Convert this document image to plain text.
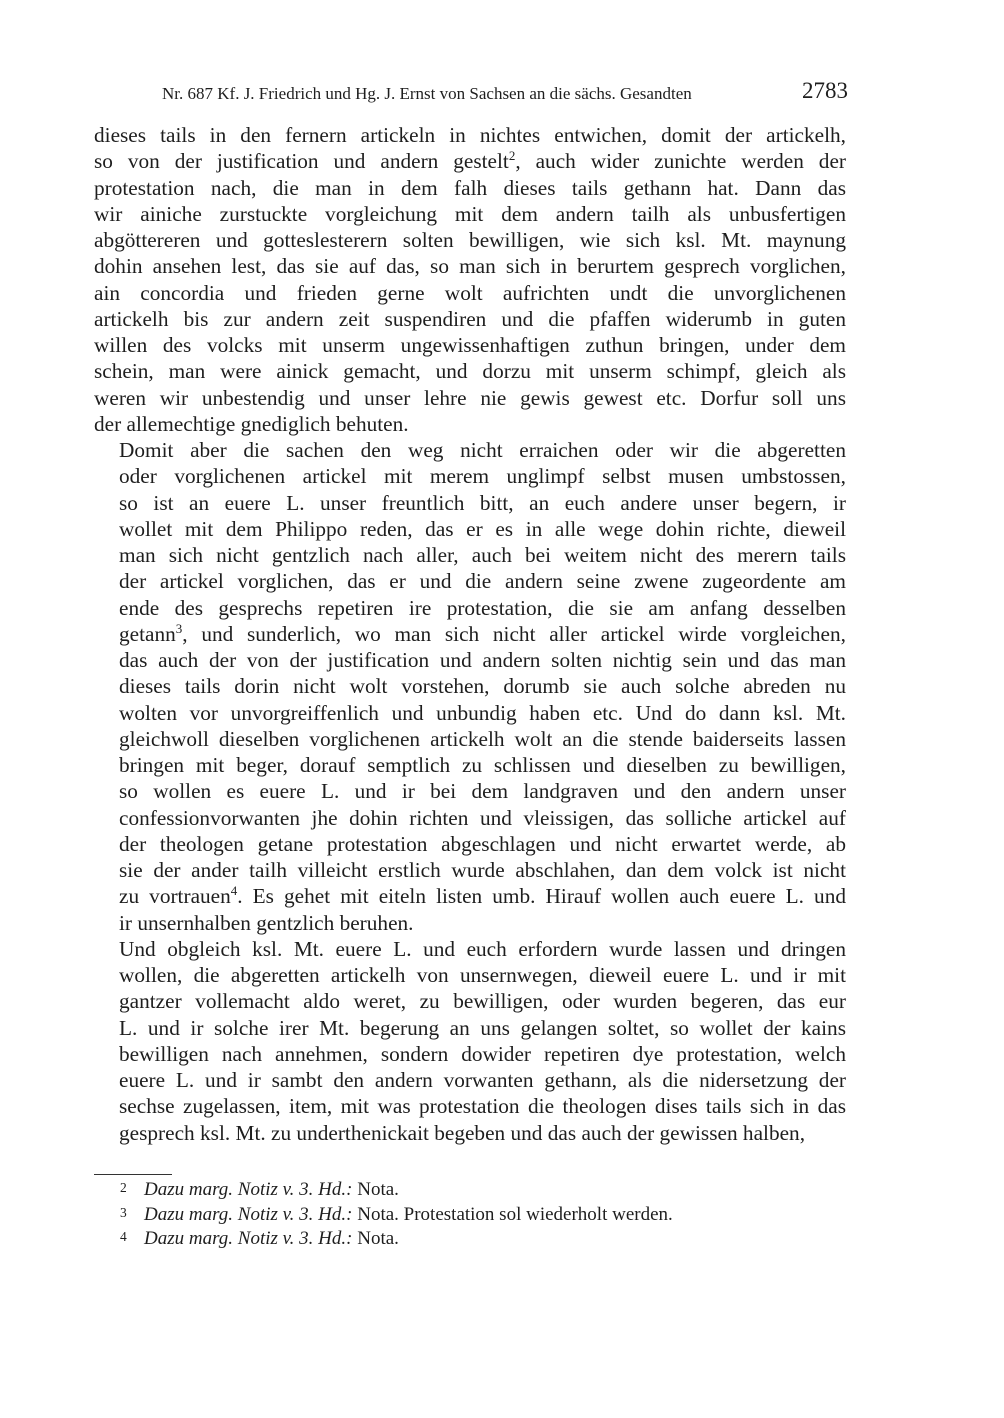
Nr. 687 Kf. J. Friedrich und Hg. J. Ernst von Sachsen an die sächs. Gesandten	2783

dieses tails in den fernern artickeln in nichtes entwichen, domit der artickelh,
so von der justification und andern gestelt$^2$, auch wider zunichte werden der
protestation nach, die man in dem falh dieses tails gethann hat. Dann das
wir ainiche zurstuckte vorgleichung mit dem andern tailh als unbusfertigen
abgöttereren und gotteslesterern solten bewilligen, wie sich ksl. Mt. maynung
dohin ansehen lest, das sie auf das, so man sich in berurtem gesprech vorglichen,
ain concordia und frieden gerne wolt aufrichten undt die unvorglichenen
artickelh bis zur andern zeit suspendiren und die pfaffen widerumb in guten
willen des volcks mit unserm ungewissenhaftigen zuthun bringen, under dem
schein, man were ainick gemacht, und dorzu mit unserm schimpf, gleich als
weren wir unbestendig und unser lehre nie gewis gewest etc. Dorfur soll uns
der allemechtige gnediglich behuten.

Domit aber die sachen den weg nicht erraichen oder wir die abgeretten
oder vorglichenen artickel mit merem unglimpf selbst musen umbstossen,
so ist an euere L. unser freuntlich bitt, an euch andere unser begern, ir
wollet mit dem Philippo reden, das er es in alle wege dohin richte, dieweil
man sich nicht gentzlich nach aller, auch bei weitem nicht des merern tails
der artickel vorglichen, das er und die andern seine zwene zugeordente am
ende des gesprechs repetiren ire protestation, die sie am anfang desselben
getann$^3$, und sunderlich, wo man sich nicht aller artickel wirde vorgleichen,
das auch der von der justification und andern solten nichtig sein und das man
dieses tails dorin nicht wolt vorstehen, dorumb sie auch solche abreden nu
wolten vor unvorgreiffenlich und unbundig haben etc. Und do dann ksl. Mt.
gleichwoll dieselben vorglichenen artickelh wolt an die stende baiderseits lassen
bringen mit beger, dorauf semptlich zu schlissen und dieselben zu bewilligen,
so wollen es euere L. und ir bei dem landgraven und den andern unser
confessionvorwanten jhe dohin richten und vleissigen, das solliche artickel auf
der theologen getane protestation abgeschlagen und nicht erwartet werde, ab
sie der ander tailh villeicht erstlich wurde abschlahen, dan dem volck ist nicht
zu vortrauen$^4$. Es gehet mit eiteln listen umb. Hirauf wollen auch euere L. und
ir unsernhalben gentzlich beruhen.

Und obgleich ksl. Mt. euere L. und euch erfordern wurde lassen und dringen
wollen, die abgeretten artickelh von unsernwegen, dieweil euere L. und ir mit
gantzer vollemacht aldo weret, zu bewilligen, oder wurden begeren, das eur
L. und ir solche irer Mt. begerung an uns gelangen soltet, so wollet der kains
bewilligen nach annehmen, sondern dowider repetiren dye protestation, welch
euere L. und ir sambt den andern vorwanten gethann, als die nidersetzung der
sechse zugelassen, item, mit was protestation die theologen dises tails sich in das
gesprech ksl. Mt. zu underthenickait begeben und das auch der gewissen halben,

2 Dazu marg. Notiz v. 3. Hd.: Nota.
3 Dazu marg. Notiz v. 3. Hd.: Nota. Protestation sol wiederholt werden.
4 Dazu marg. Notiz v. 3. Hd.: Nota.
